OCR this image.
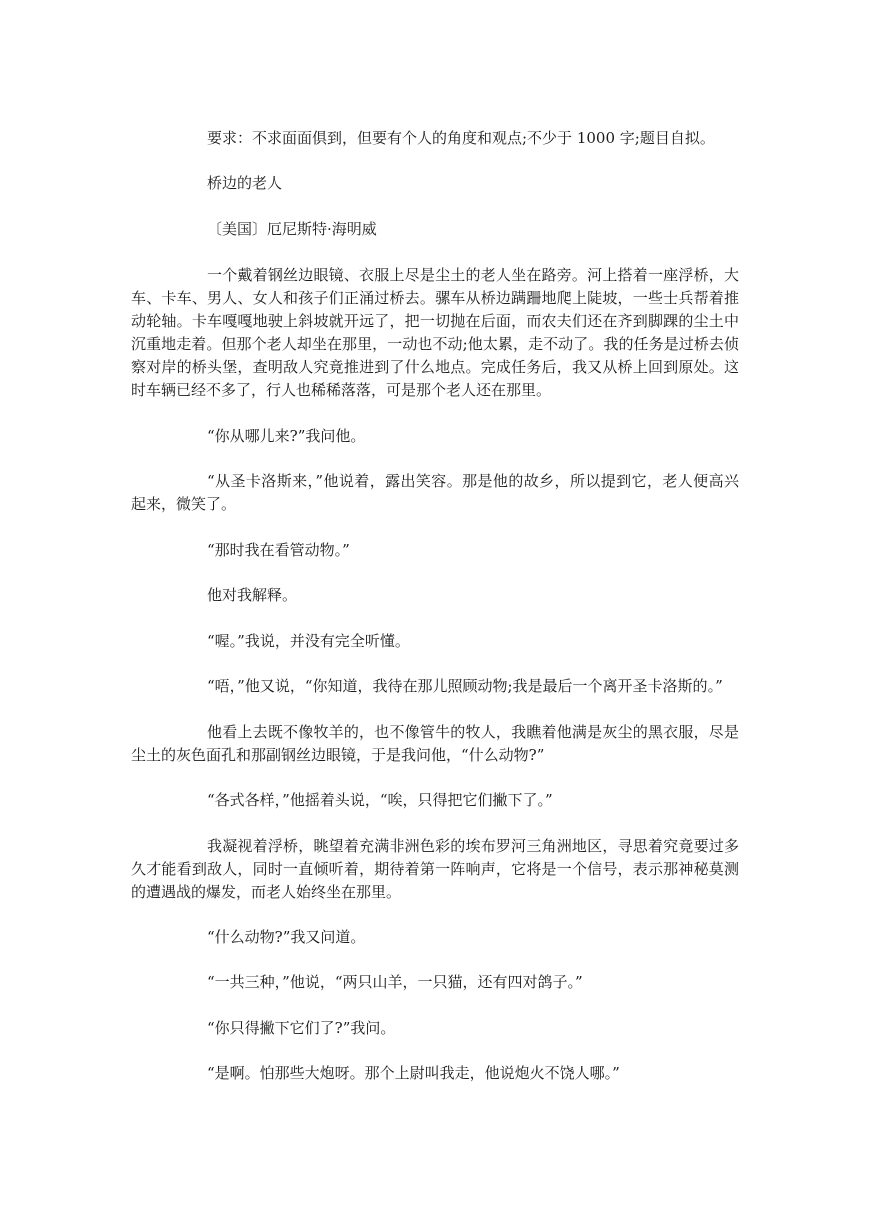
要求：不求面面俱到，但要有个人的角度和观点;不少于 1000 字;题目自拟。

桥边的老人

〔美国〕厄尼斯特·海明威

一个戴着钢丝边眼镜、衣服上尽是尘土的老人坐在路旁。河上搭着一座浮桥，大车、卡车、男人、女人和孩子们正涌过桥去。骡车从桥边蹒跚地爬上陡坡，一些士兵帮着推动轮轴。卡车嘎嘎地驶上斜坡就开远了，把一切抛在后面，而农夫们还在齐到脚踝的尘土中沉重地走着。但那个老人却坐在那里，一动也不动;他太累，走不动了。我的任务是过桥去侦察对岸的桥头堡，查明敌人究竟推进到了什么地点。完成任务后，我又从桥上回到原处。这时车辆已经不多了，行人也稀稀落落，可是那个老人还在那里。

“你从哪儿来?”我问他。

“从圣卡洛斯来，”他说着，露出笑容。那是他的故乡，所以提到它，老人便高兴起来，微笑了。

“那时我在看管动物。”

他对我解释。

“喔。”我说，并没有完全听懂。

“唔，”他又说，“你知道，我待在那儿照顾动物;我是最后一个离开圣卡洛斯的。”

他看上去既不像牧羊的，也不像管牛的牧人，我瞧着他满是灰尘的黑衣服，尽是尘土的灰色面孔和那副钢丝边眼镜，于是我问他，“什么动物?”

“各式各样，”他摇着头说，“唉，只得把它们撇下了。”

我凝视着浮桥，眺望着充满非洲色彩的埃布罗河三角洲地区，寻思着究竟要过多久才能看到敌人，同时一直倾听着，期待着第一阵响声，它将是一个信号，表示那神秘莫测的遭遇战的爆发，而老人始终坐在那里。

“什么动物?”我又问道。

“一共三种，”他说，“两只山羊，一只猫，还有四对鸽子。”

“你只得撇下它们了?”我问。

“是啊。怕那些大炮呀。那个上尉叫我走，他说炮火不饶人哪。”
